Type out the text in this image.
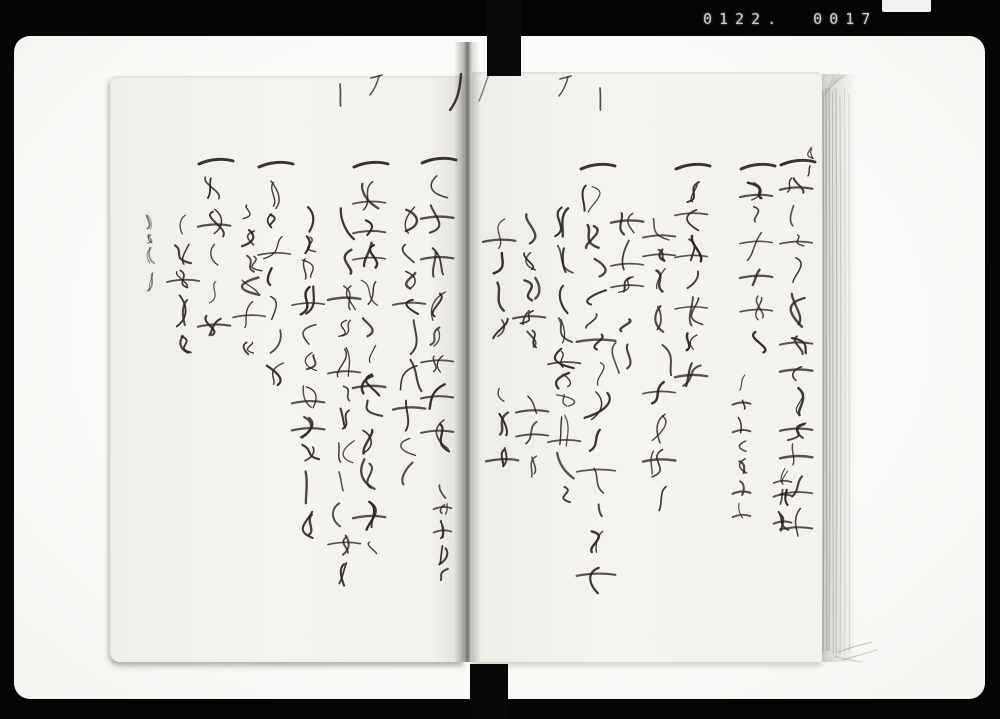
0122. 0017
